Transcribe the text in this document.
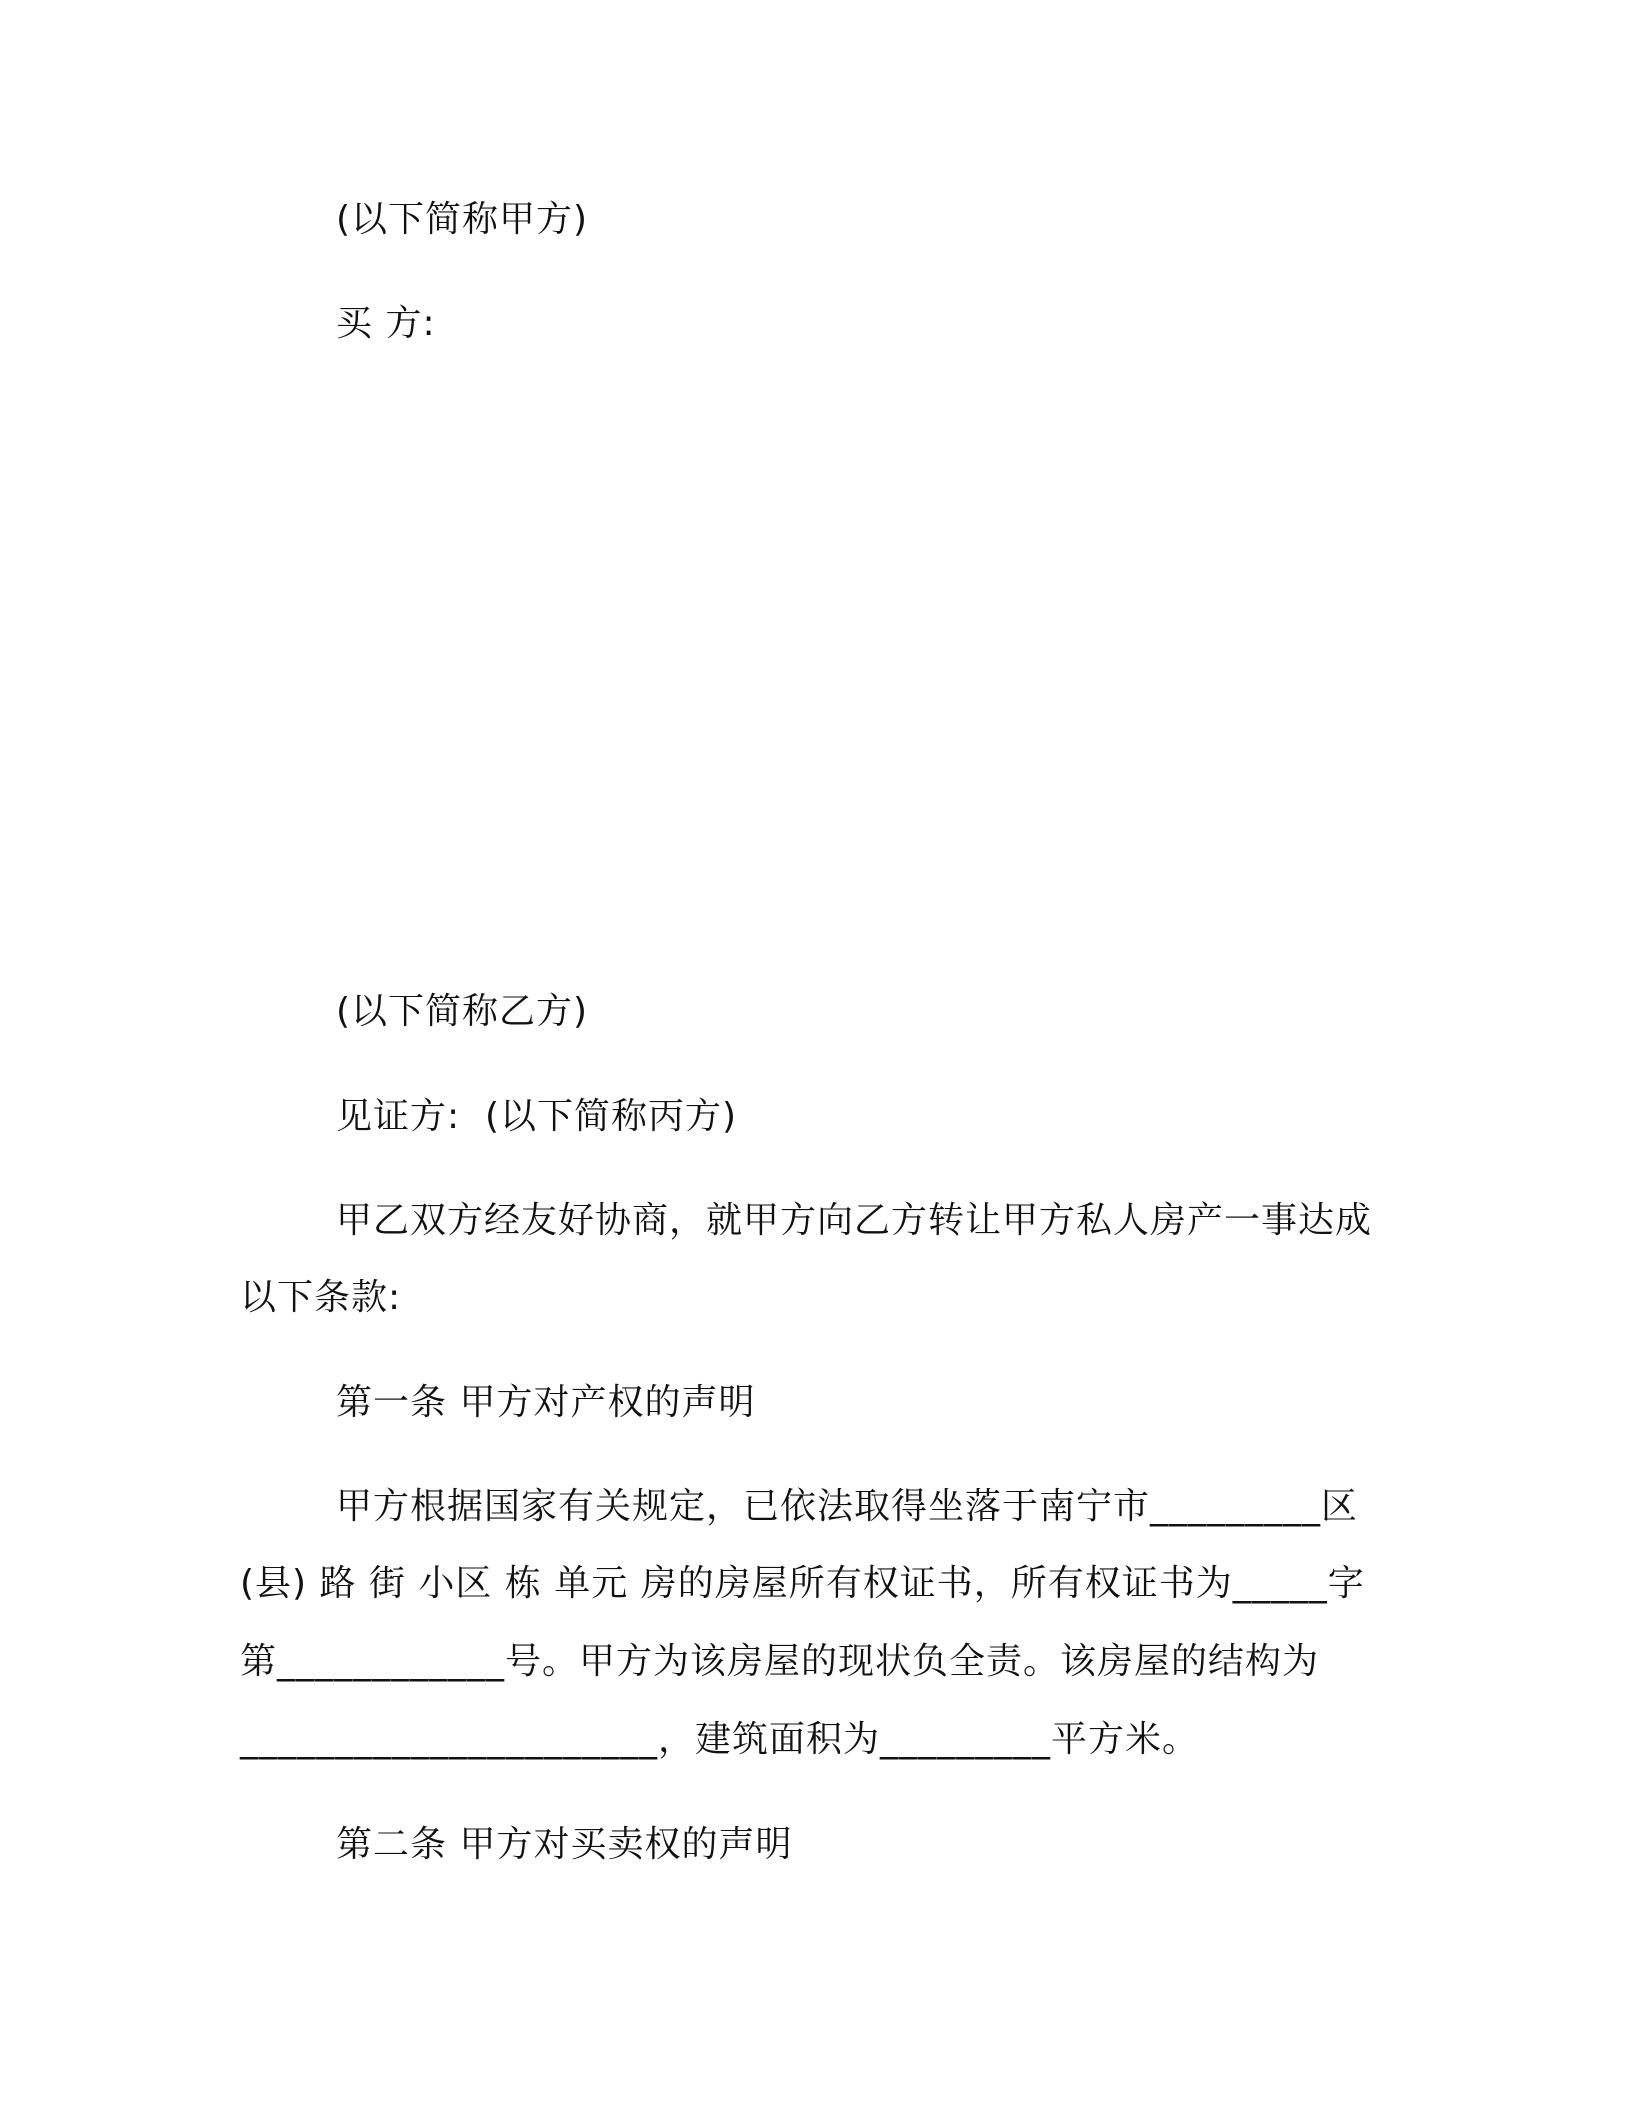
(以下简称甲方)
买 方:
(以下简称乙方)
见证方:  (以下简称丙方)
甲乙双方经友好协商，就甲方向乙方转让甲方私人房产一事达成
以下条款:
第一条 甲方对产权的声明
甲方根据国家有关规定，已依法取得坐落于南宁市_________区
(县) 路 街 小区 栋 单元 房的房屋所有权证书，所有权证书为_____字
第____________号。甲方为该房屋的现状负全责。该房屋的结构为
______________________，建筑面积为_________平方米。
第二条 甲方对买卖权的声明
